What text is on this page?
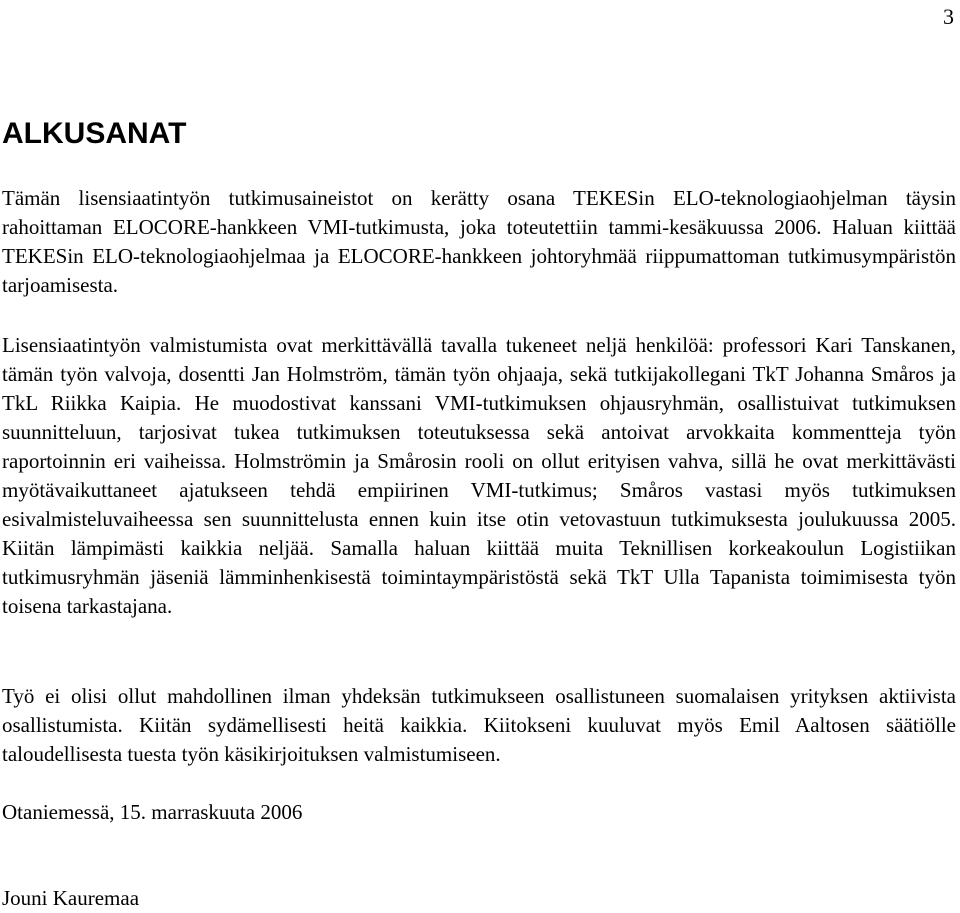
3
ALKUSANAT

Tämän lisensiaatintyön tutkimusaineistot on kerätty osana TEKESin ELO-teknologiaohjelman täysin rahoittaman ELOCORE-hankkeen VMI-tutkimusta, joka toteutettiin tammi-kesäkuussa 2006. Haluan kiittää TEKESin ELO-teknologiaohjelmaa ja ELOCORE-hankkeen johtoryhmää riippumattoman tutkimusympäristön tarjoamisesta.

Lisensiaatintyön valmistumista ovat merkittävällä tavalla tukeneet neljä henkilöä: professori Kari Tanskanen, tämän työn valvoja, dosentti Jan Holmström, tämän työn ohjaaja, sekä tutkijakollegani TkT Johanna Småros ja TkL Riikka Kaipia. He muodostivat kanssani VMI-tutkimuksen ohjausryhmän, osallistuivat tutkimuksen suunnitteluun, tarjosivat tukea tutkimuksen toteutuksessa sekä antoivat arvokkaita kommentteja työn raportoinnin eri vaiheissa. Holmströmin ja Smårosin rooli on ollut erityisen vahva, sillä he ovat merkittävästi myötävaikuttaneet ajatukseen tehdä empiirinen VMI-tutkimus; Småros vastasi myös tutkimuksen esivalmisteluvaiheessa sen suunnittelusta ennen kuin itse otin vetovastuun tutkimuksesta joulukuussa 2005. Kiitän lämpimästi kaikkia neljää. Samalla haluan kiittää muita Teknillisen korkeakoulun Logistiikan tutkimusryhmän jäseniä lämminhenkisestä toimintaympäristöstä sekä TkT Ulla Tapanista toimimisesta työn toisena tarkastajana.

Työ ei olisi ollut mahdollinen ilman yhdeksän tutkimukseen osallistuneen suomalaisen yrityksen aktiivista osallistumista. Kiitän sydämellisesti heitä kaikkia. Kiitokseni kuuluvat myös Emil Aaltosen säätiölle taloudellisesta tuesta työn käsikirjoituksen valmistumiseen.

Otaniemessä, 15. marraskuuta 2006

Jouni Kauremaa
